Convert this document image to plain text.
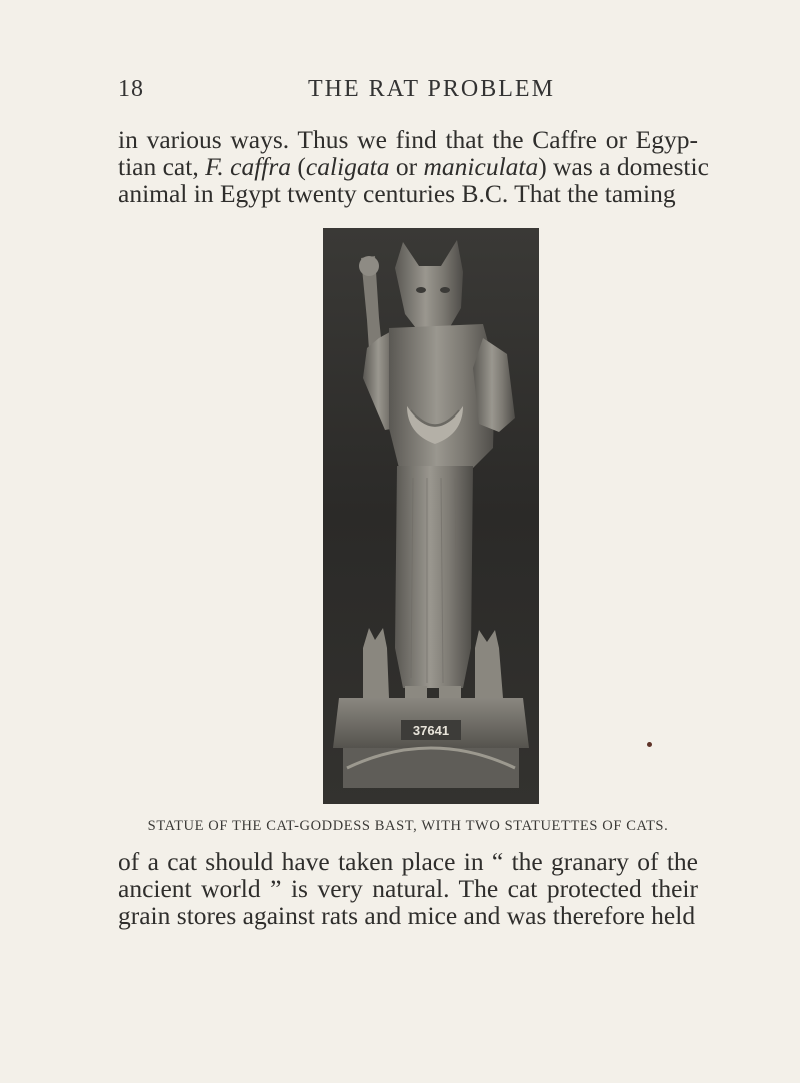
18	THE RAT PROBLEM
in various ways. Thus we find that the Caffre or Egyp-
tian cat, F. caffra (caligata or maniculata) was a domestic
animal in Egypt twenty centuries B.C. That the taming
37641
STATUE OF THE CAT-GODDESS BAST, WITH TWO STATUETTES OF CATS.
of a cat should have taken place in “ the granary of the
ancient world ” is very natural. The cat protected their
grain stores against rats and mice and was therefore held
